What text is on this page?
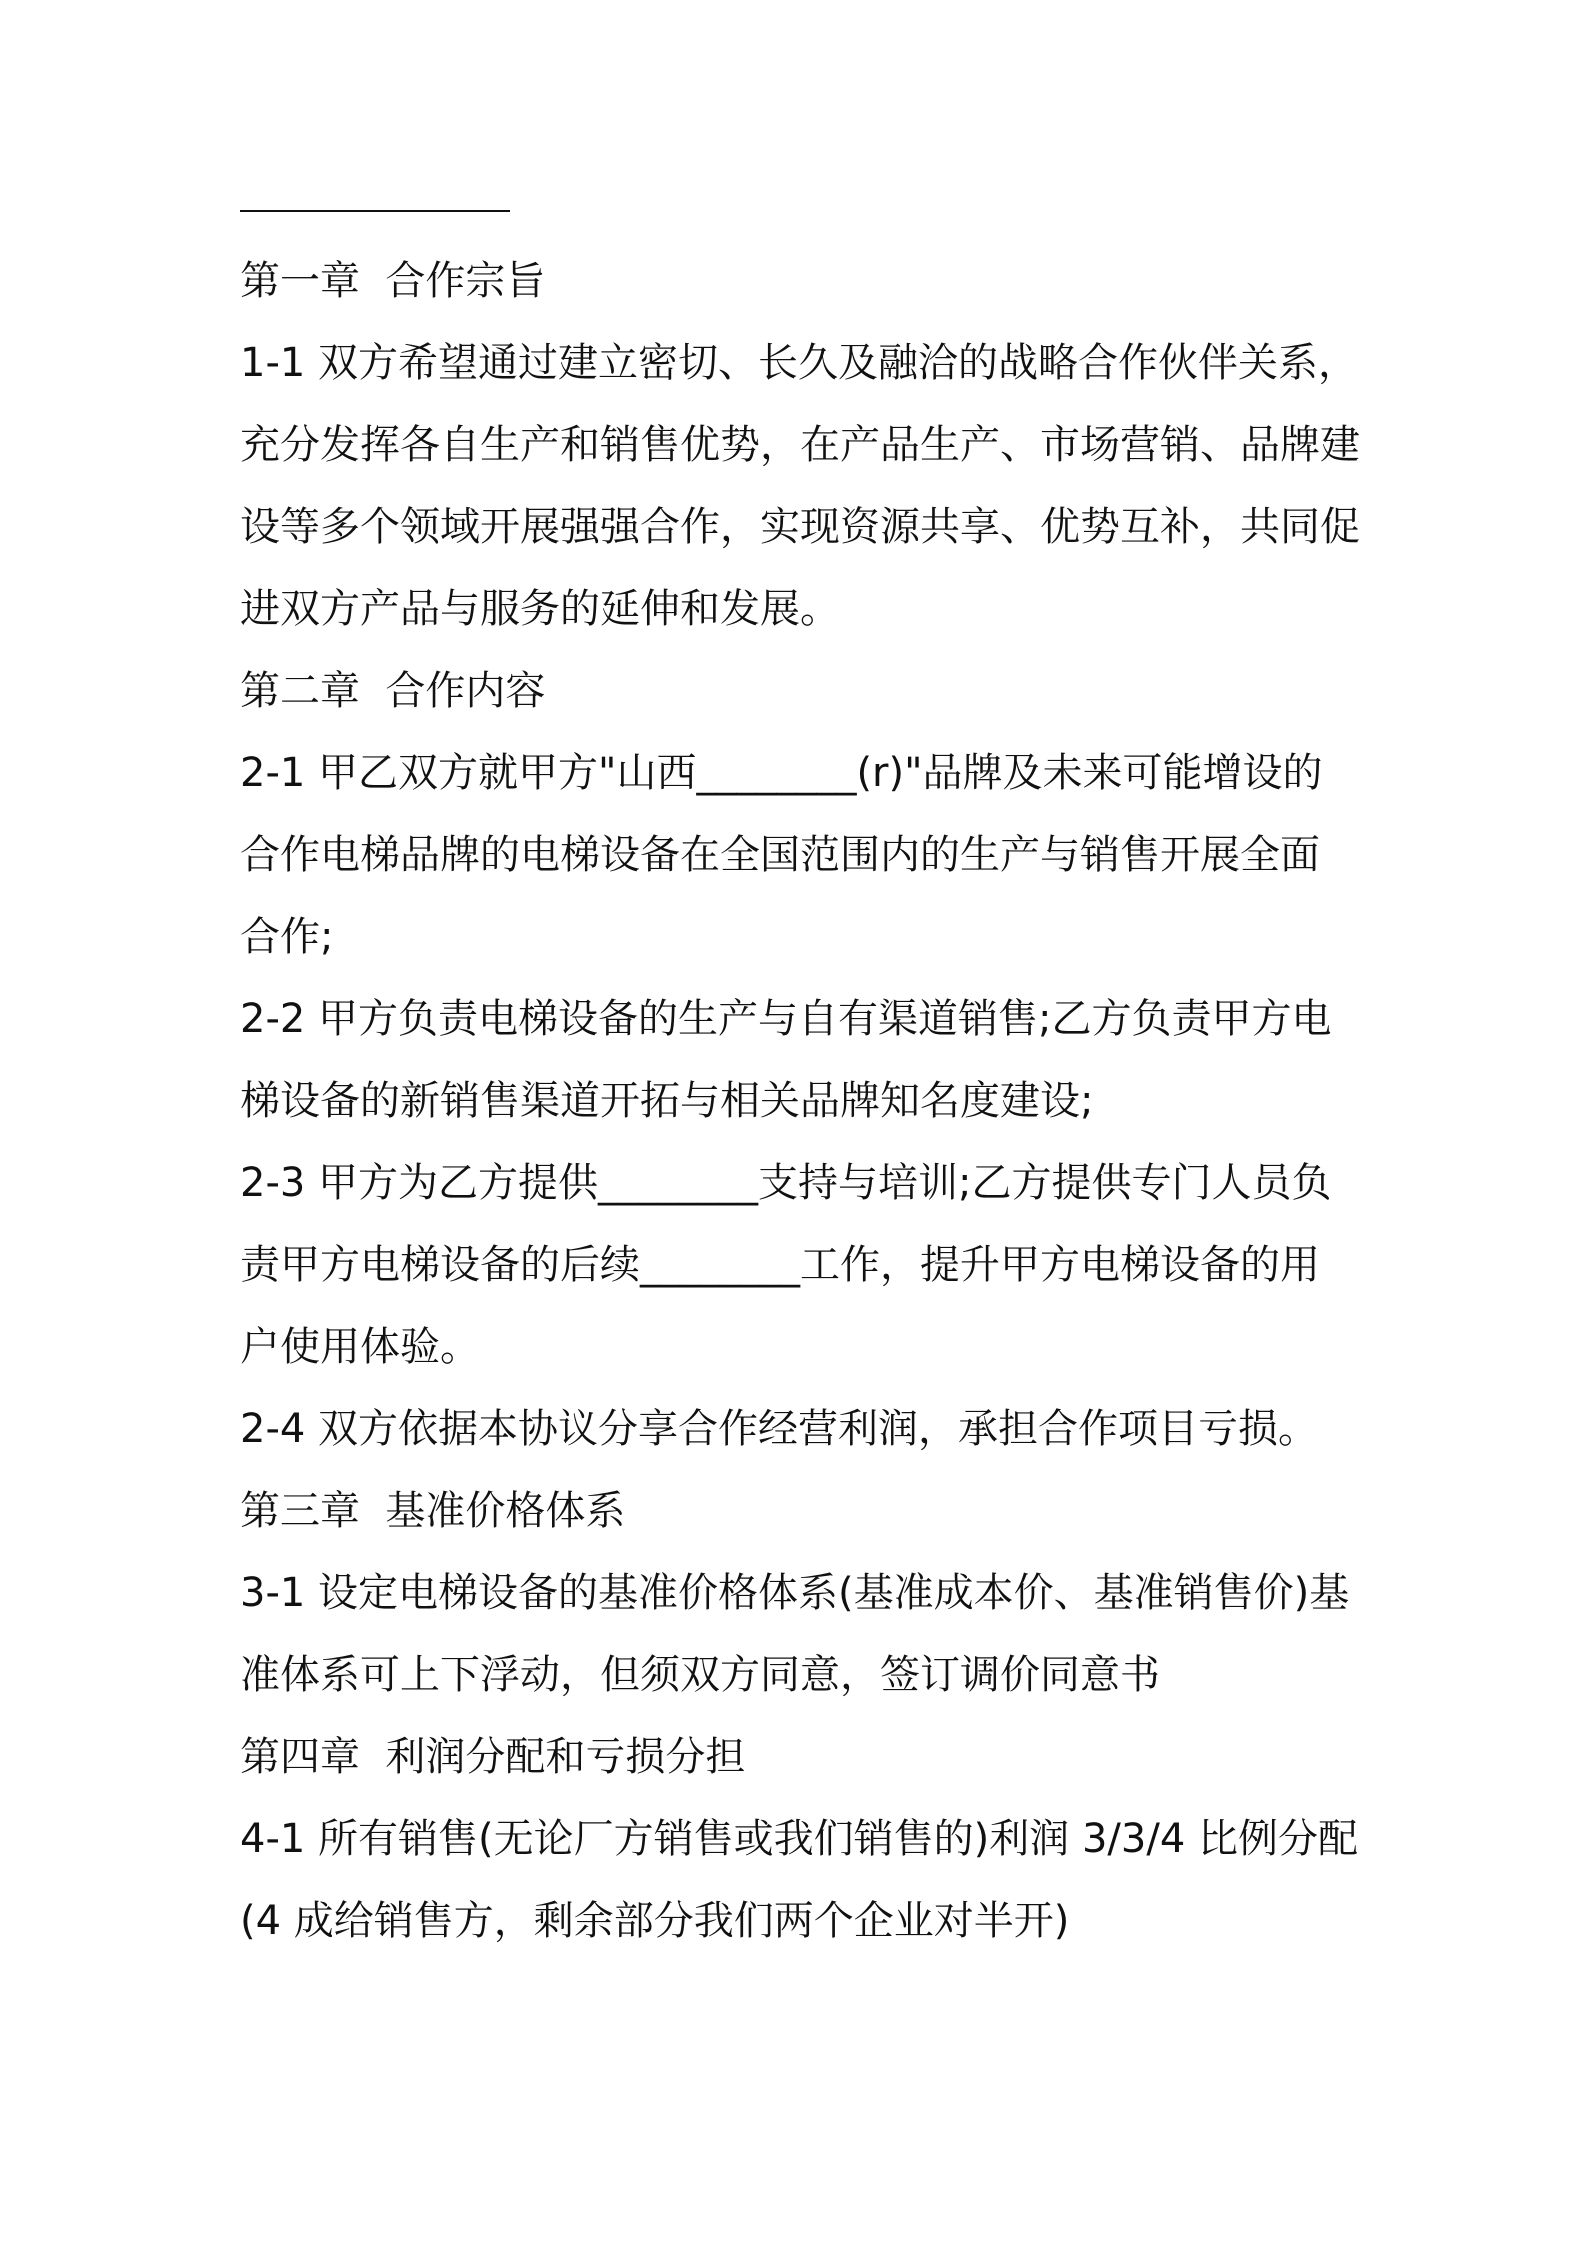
第一章  合作宗旨
1-1 双方希望通过建立密切、长久及融洽的战略合作伙伴关系，
充分发挥各自生产和销售优势，在产品生产、市场营销、品牌建
设等多个领域开展强强合作，实现资源共享、优势互补，共同促
进双方产品与服务的延伸和发展。
第二章  合作内容
2-1 甲乙双方就甲方"山西________(r)"品牌及未来可能增设的
合作电梯品牌的电梯设备在全国范围内的生产与销售开展全面
合作;
2-2 甲方负责电梯设备的生产与自有渠道销售;乙方负责甲方电
梯设备的新销售渠道开拓与相关品牌知名度建设;
2-3 甲方为乙方提供________支持与培训;乙方提供专门人员负
责甲方电梯设备的后续________工作，提升甲方电梯设备的用
户使用体验。
2-4 双方依据本协议分享合作经营利润，承担合作项目亏损。
第三章  基准价格体系
3-1 设定电梯设备的基准价格体系(基准成本价、基准销售价)基
准体系可上下浮动，但须双方同意，签订调价同意书
第四章  利润分配和亏损分担
4-1 所有销售(无论厂方销售或我们销售的)利润 3/3/4 比例分配
(4 成给销售方，剩余部分我们两个企业对半开)
